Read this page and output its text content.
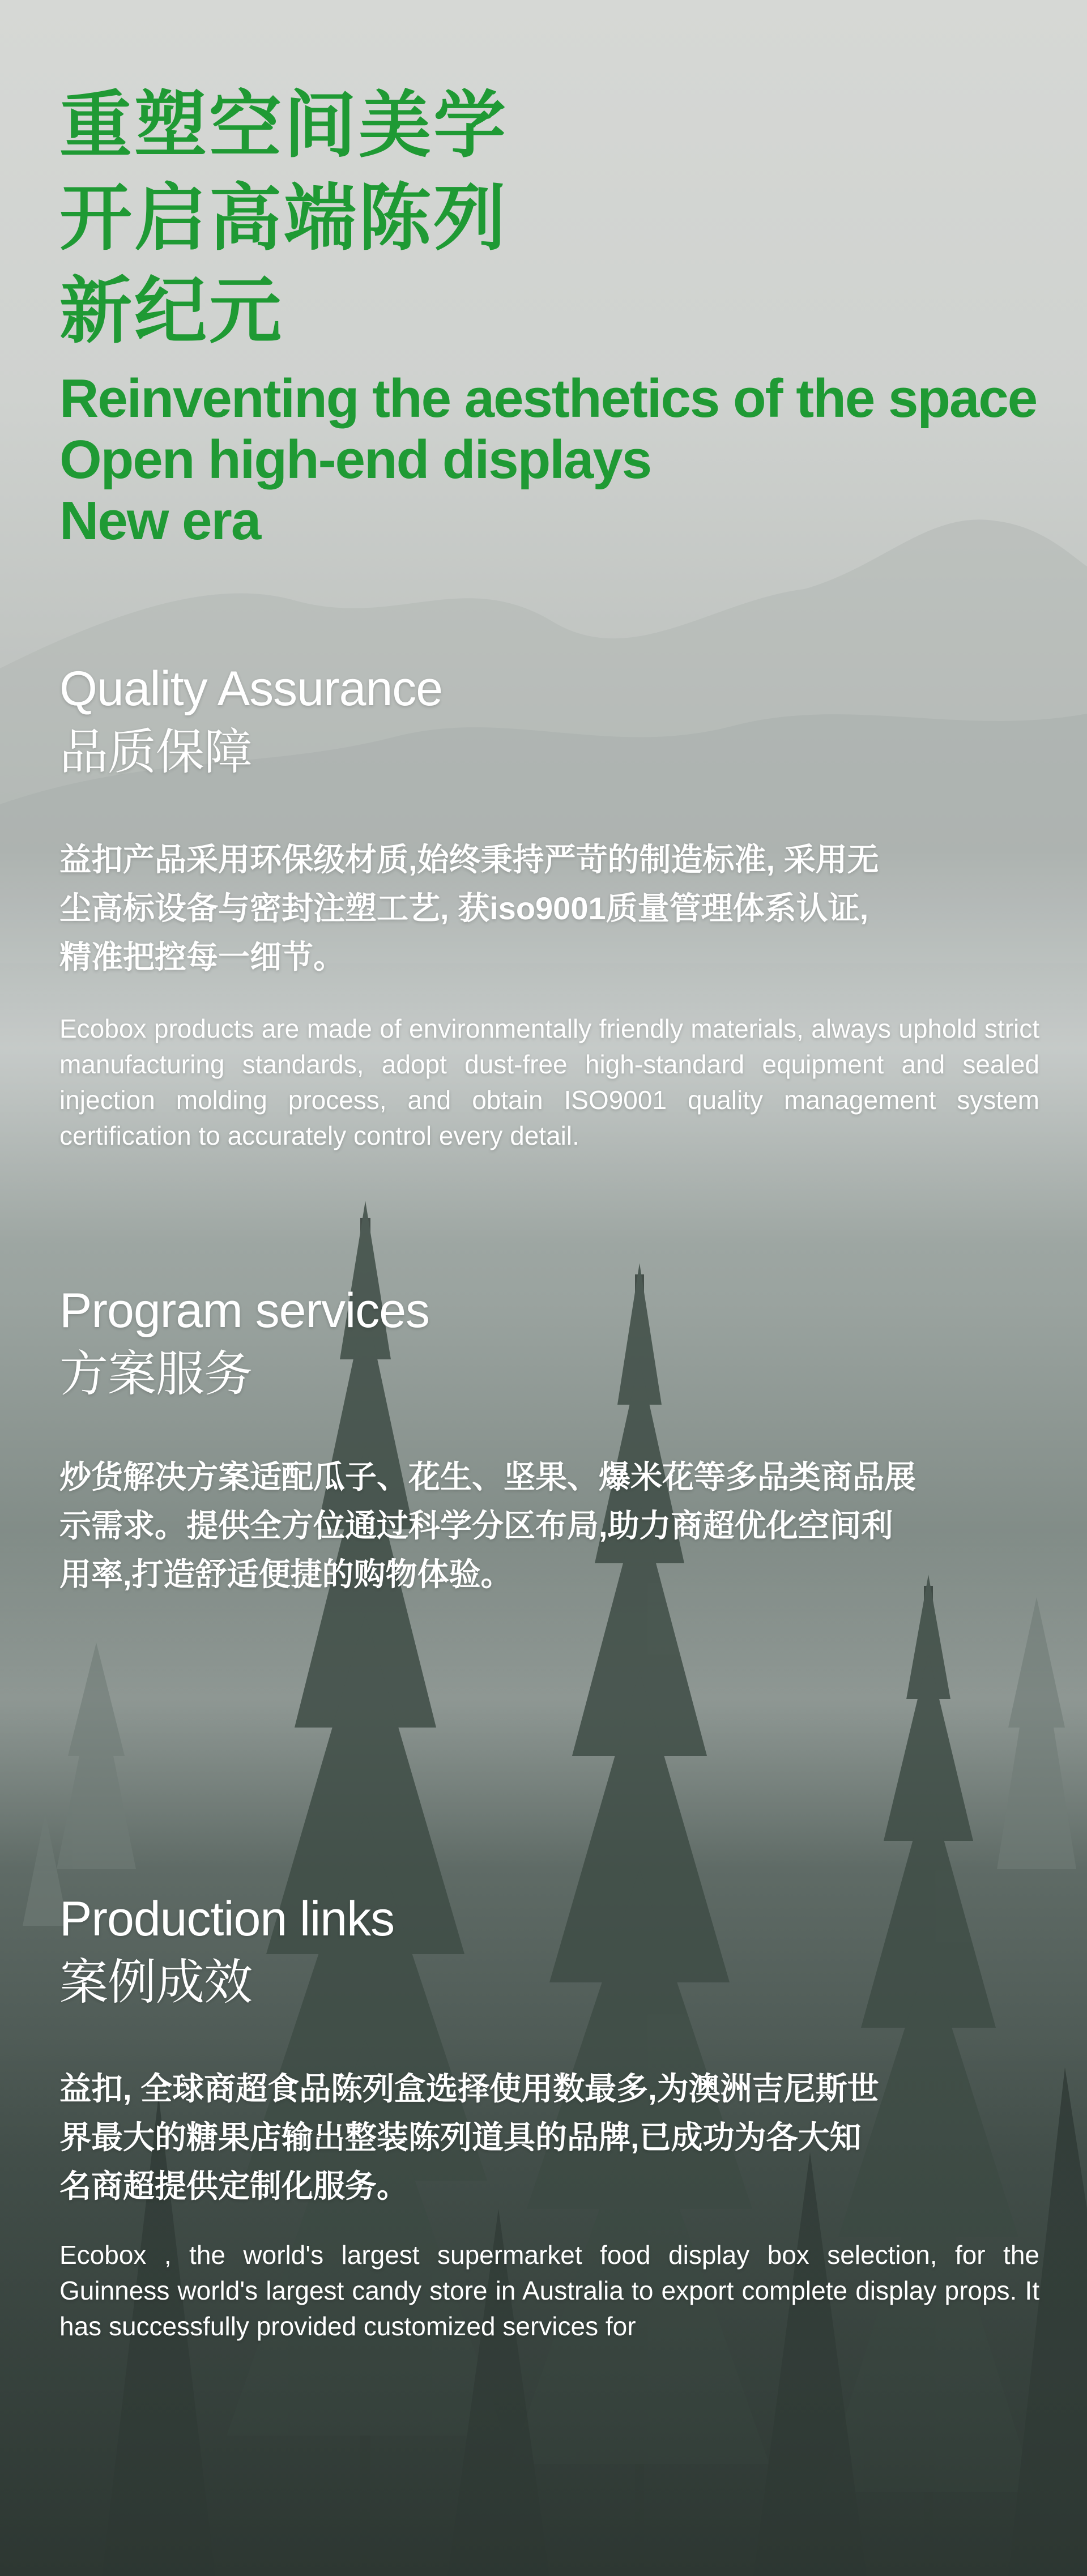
重塑空间美学
开启高端陈列
新纪元
Reinventing the aesthetics of the space
Open high-end displays
New era
Quality Assurance
品质保障
益扣产品采用环保级材质,始终秉持严苛的制造标准, 采用无
尘高标设备与密封注塑工艺, 获iso9001质量管理体系认证,
精准把控每一细节。
Ecobox products are made of environmentally friendly materials, always uphold strict manufacturing standards, adopt dust-free high-standard equipment and sealed injection molding process, and obtain ISO9001 quality management system certification to accurately control every detail.
Program services
方案服务
炒货解决方案适配瓜子、花生、坚果、爆米花等多品类商品展
示需求。提供全方位通过科学分区布局,助力商超优化空间利
用率,打造舒适便捷的购物体验。
Production links
案例成效
益扣, 全球商超食品陈列盒选择使用数最多,为澳洲吉尼斯世
界最大的糖果店输出整装陈列道具的品牌,已成功为各大知
名商超提供定制化服务。
Ecobox , the world's largest supermarket food display box selection, for the Guinness world's largest candy store in Australia to export complete display props. It has successfully provided customized services for
